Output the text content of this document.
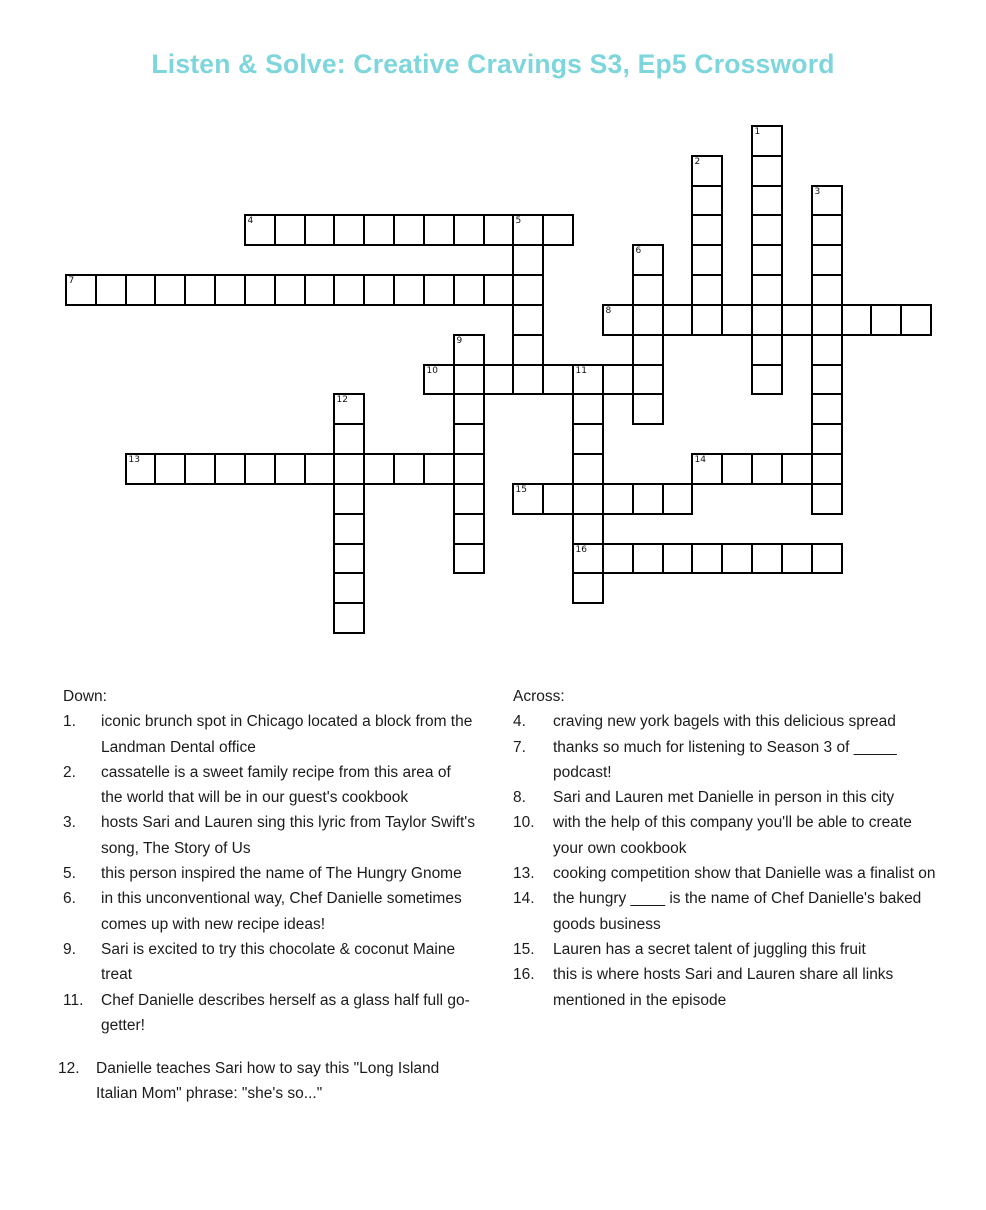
Listen & Solve: Creative Cravings S3, Ep5 Crossword
1
2
3
4	5
6
7
8
9
10	11
16
12
13	14
15
Down:
1. iconic brunch spot in Chicago located a block from the Landman Dental office
2. cassatelle is a sweet family recipe from this area of the world that will be in our guest's cookbook
3. hosts Sari and Lauren sing this lyric from Taylor Swift's song, The Story of Us
5. this person inspired the name of The Hungry Gnome
6. in this unconventional way, Chef Danielle sometimes comes up with new recipe ideas!
9. Sari is excited to try this chocolate & coconut Maine treat
11. Chef Danielle describes herself as a glass half full go-getter!
12. Danielle teaches Sari how to say this "Long Island Italian Mom" phrase: "she's so..."
Across:
4. craving new york bagels with this delicious spread
7. thanks so much for listening to Season 3 of _____ podcast!
8. Sari and Lauren met Danielle in person in this city
10. with the help of this company you'll be able to create your own cookbook
13. cooking competition show that Danielle was a finalist on
14. the hungry ____ is the name of Chef Danielle's baked goods business
15. Lauren has a secret talent of juggling this fruit
16. this is where hosts Sari and Lauren share all links mentioned in the episode
